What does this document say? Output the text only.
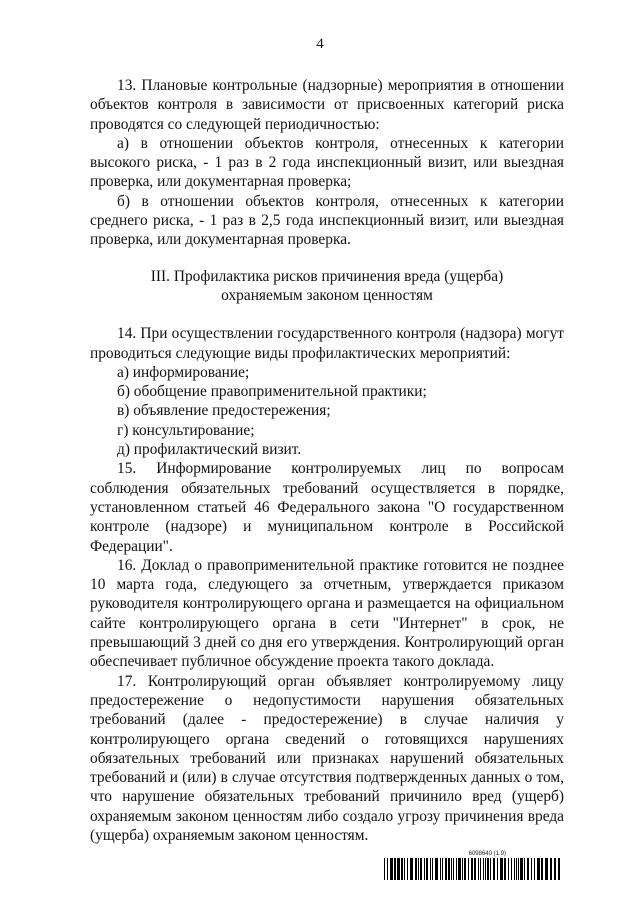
4

13. Плановые контрольные (надзорные) мероприятия в отношении объектов контроля в зависимости от присвоенных категорий риска проводятся со следующей периодичностью:

а) в отношении объектов контроля, отнесенных к категории высокого риска, - 1 раз в 2 года инспекционный визит, или выездная проверка, или документарная проверка;

б) в отношении объектов контроля, отнесенных к категории среднего риска, - 1 раз в 2,5 года инспекционный визит, или выездная проверка, или документарная проверка.

III. Профилактика рисков причинения вреда (ущерба)
охраняемым законом ценностям

14. При осуществлении государственного контроля (надзора) могут проводиться следующие виды профилактических мероприятий:

а) информирование;

б) обобщение правоприменительной практики;

в) объявление предостережения;

г) консультирование;

д) профилактический визит.

15. Информирование контролируемых лиц по вопросам соблюдения обязательных требований осуществляется в порядке, установленном статьей 46 Федерального закона "О государственном контроле (надзоре) и муниципальном контроле в Российской Федерации".

16. Доклад о правоприменительной практике готовится не позднее 10 марта года, следующего за отчетным, утверждается приказом руководителя контролирующего органа и размещается на официальном сайте контролирующего органа в сети "Интернет" в срок, не превышающий 3 дней со дня его утверждения. Контролирующий орган обеспечивает публичное обсуждение проекта такого доклада.

17. Контролирующий орган объявляет контролируемому лицу предостережение о недопустимости нарушения обязательных требований (далее - предостережение) в случае наличия у контролирующего органа сведений о готовящихся нарушениях обязательных требований или признаках нарушений обязательных требований и (или) в случае отсутствия подтвержденных данных о том, что нарушение обязательных требований причинило вред (ущерб) охраняемым законом ценностям либо создало угрозу причинения вреда (ущерба) охраняемым законом ценностям.

6098640 (1.9)
